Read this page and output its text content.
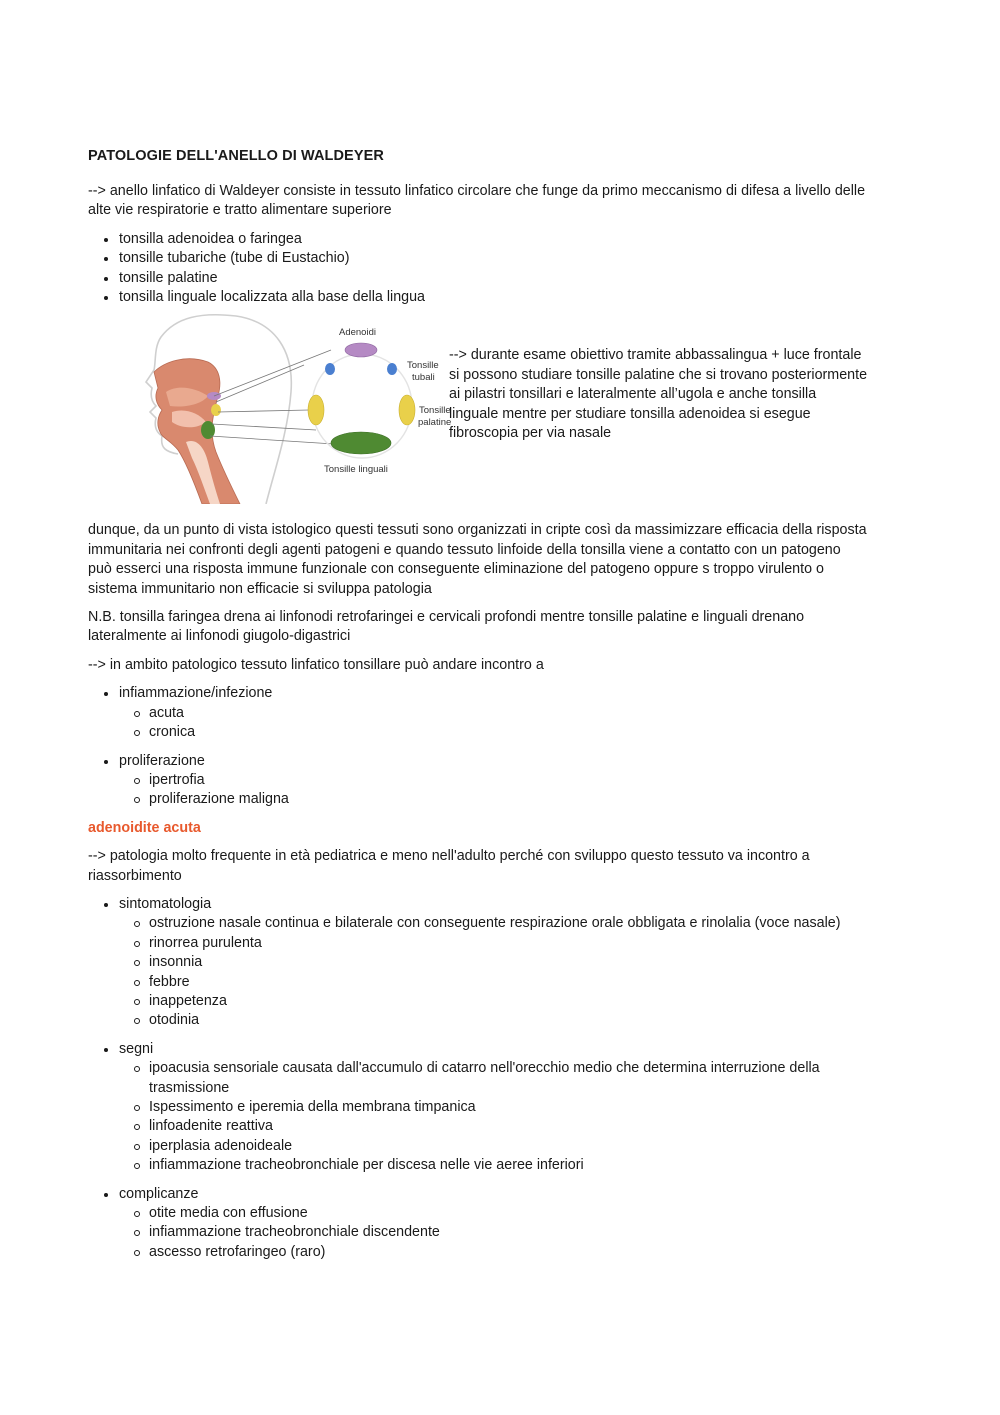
PATOLOGIE DELL'ANELLO DI WALDEYER

--> anello linfatico di Waldeyer consiste in tessuto linfatico circolare che funge da primo meccanismo di difesa a livello delle alte vie respiratorie e tratto alimentare superiore

tonsilla adenoidea o faringea
tonsille tubariche (tube di Eustachio)
tonsille palatine
tonsilla linguale localizzata alla base della lingua
Adenoidi
Tonsille
tubali
Tonsille
palatine
Tonsille linguali

--> durante esame obiettivo tramite abbassalingua + luce frontale si possono studiare tonsille palatine che si trovano posteriormente ai pilastri tonsillari e lateralmente all’ugola e anche tonsilla linguale mentre per studiare tonsilla adenoidea si esegue fibroscopia per via nasale

dunque, da un punto di vista istologico questi tessuti sono organizzati in cripte così da massimizzare efficacia della risposta immunitaria nei confronti degli agenti patogeni e quando tessuto linfoide della tonsilla viene a contatto con un patogeno può esserci una risposta immune funzionale con conseguente eliminazione del patogeno oppure s troppo virulento o sistema immunitario non efficacie si sviluppa patologia

N.B. tonsilla faringea drena ai linfonodi retrofaringei e cervicali profondi mentre tonsille palatine e linguali drenano lateralmente ai linfonodi giugolo-digastrici

--> in ambito patologico tessuto linfatico tonsillare può andare incontro a

infiammazione/infezione
acuta
cronica
proliferazione
ipertrofia
proliferazione maligna

adenoidite acuta

--> patologia molto frequente in età pediatrica e meno nell'adulto perché con sviluppo questo tessuto va incontro a riassorbimento

sintomatologia
ostruzione nasale continua e bilaterale con conseguente respirazione orale obbligata e rinolalia (voce nasale)
rinorrea purulenta
insonnia
febbre
inappetenza
otodinia
segni
ipoacusia sensoriale causata dall'accumulo di catarro nell'orecchio medio che determina interruzione della trasmissione
Ispessimento e iperemia della membrana timpanica
linfoadenite reattiva
iperplasia adenoideale
infiammazione tracheobronchiale per discesa nelle vie aeree inferiori
complicanze
otite media con effusione
infiammazione tracheobronchiale discendente
ascesso retrofaringeo (raro)
